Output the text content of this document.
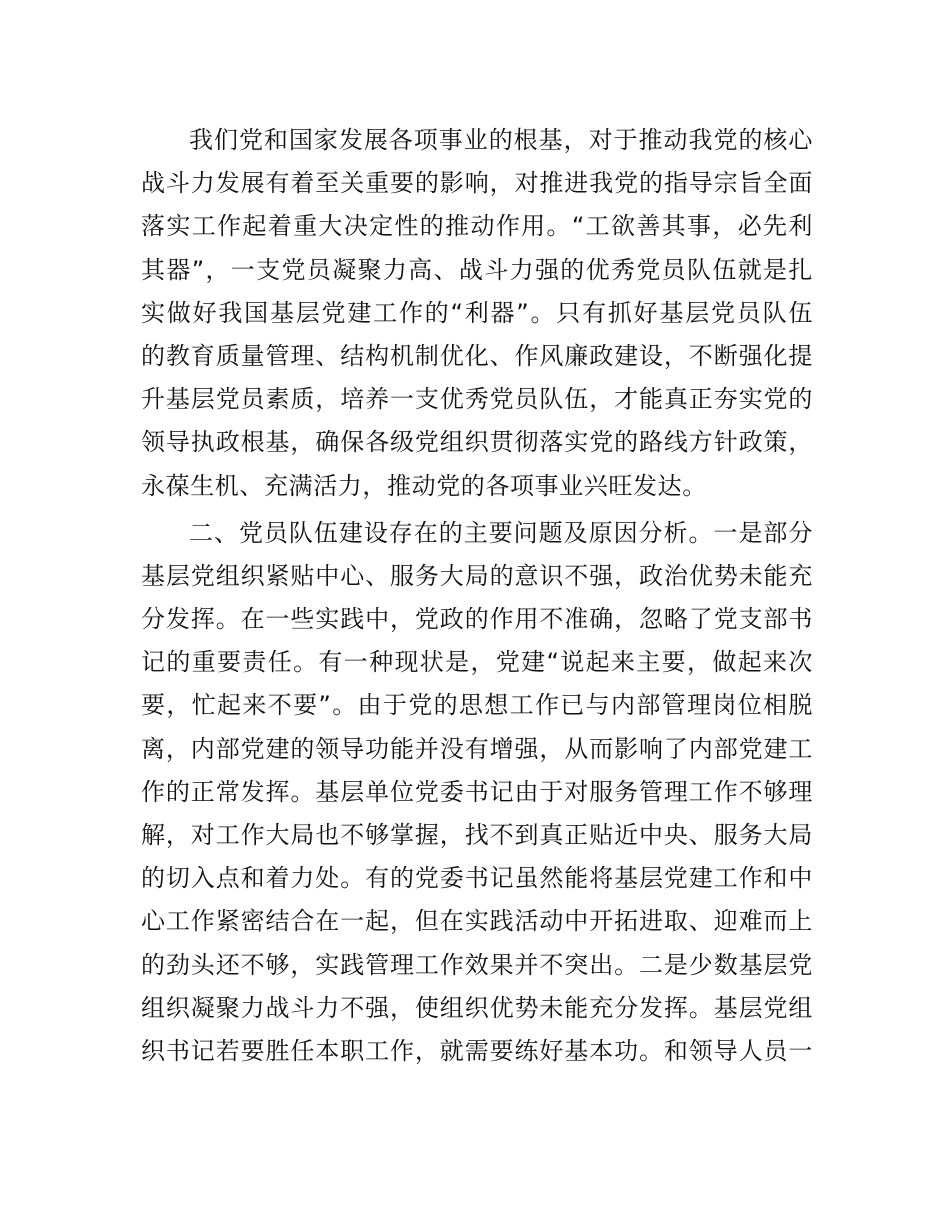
我们党和国家发展各项事业的根基，对于推动我党的核心
战斗力发展有着至关重要的影响，对推进我党的指导宗旨全面
落实工作起着重大决定性的推动作用。“工欲善其事，必先利
其器”，一支党员凝聚力高、战斗力强的优秀党员队伍就是扎
实做好我国基层党建工作的“利器”。只有抓好基层党员队伍
的教育质量管理、结构机制优化、作风廉政建设，不断强化提
升基层党员素质，培养一支优秀党员队伍，才能真正夯实党的
领导执政根基，确保各级党组织贯彻落实党的路线方针政策，
永葆生机、充满活力，推动党的各项事业兴旺发达。
二、党员队伍建设存在的主要问题及原因分析。一是部分
基层党组织紧贴中心、服务大局的意识不强，政治优势未能充
分发挥。在一些实践中，党政的作用不准确，忽略了党支部书
记的重要责任。有一种现状是，党建“说起来主要，做起来次
要，忙起来不要”。由于党的思想工作已与内部管理岗位相脱
离，内部党建的领导功能并没有增强，从而影响了内部党建工
作的正常发挥。基层单位党委书记由于对服务管理工作不够理
解，对工作大局也不够掌握，找不到真正贴近中央、服务大局
的切入点和着力处。有的党委书记虽然能将基层党建工作和中
心工作紧密结合在一起，但在实践活动中开拓进取、迎难而上
的劲头还不够，实践管理工作效果并不突出。二是少数基层党
组织凝聚力战斗力不强，使组织优势未能充分发挥。基层党组
织书记若要胜任本职工作，就需要练好基本功。和领导人员一
